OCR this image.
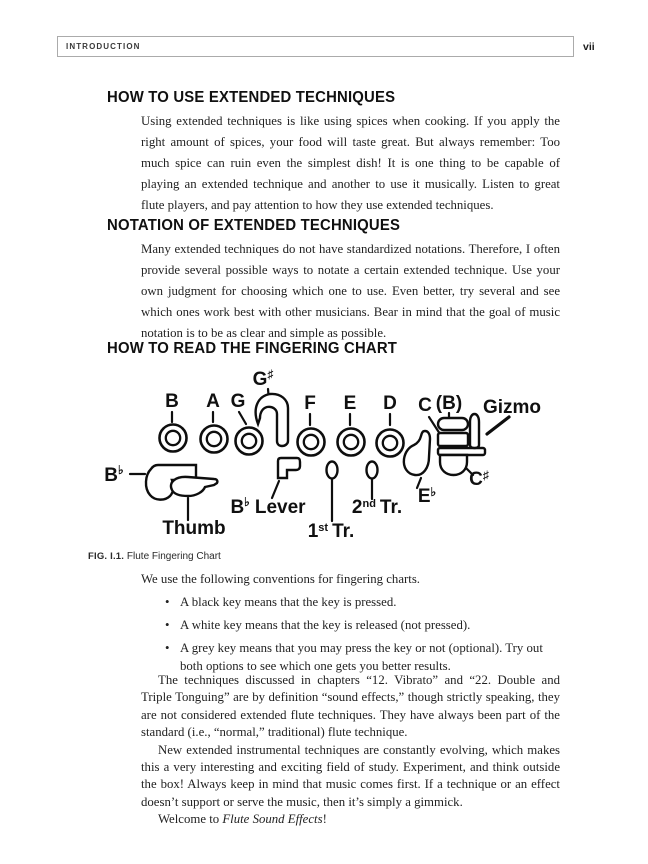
INTRODUCTION	vii
HOW TO USE EXTENDED TECHNIQUES
Using extended techniques is like using spices when cooking. If you apply the right amount of spices, your food will taste great. But always remember: Too much spice can ruin even the simplest dish! It is one thing to be capable of playing an extended technique and another to use it musically. Listen to great flute players, and pay attention to how they use extended techniques.
NOTATION OF EXTENDED TECHNIQUES
Many extended techniques do not have standardized notations. Therefore, I often provide several possible ways to notate a certain extended technique. Use your own judgment for choosing which one to use. Even better, try several and see which ones work best with other musicians. Bear in mind that the goal of music notation is to be as clear and simple as possible.
HOW TO READ THE FINGERING CHART
B A G
G♯
F E D C (B) Gizmo
C♯
E♭
B♭
Thumb
B♭ Lever
1st Tr.
2nd Tr.
FIG. I.1. Flute Fingering Chart
We use the following conventions for fingering charts.
• A black key means that the key is pressed.
• A white key means that the key is released (not pressed).
• A grey key means that you may press the key or not (optional). Try out both options to see which one gets you better results.

The techniques discussed in chapters “12. Vibrato” and “22. Double and Triple Tonguing” are by definition “sound effects,” though strictly speaking, they are not considered extended flute techniques. They have always been part of the standard (i.e., “normal,” traditional) flute technique.

New extended instrumental techniques are constantly evolving, which makes this a very interesting and exciting field of study. Experiment, and think outside the box! Always keep in mind that music comes first. If a technique or an effect doesn’t support or serve the music, then it’s simply a gimmick.

Welcome to Flute Sound Effects!
